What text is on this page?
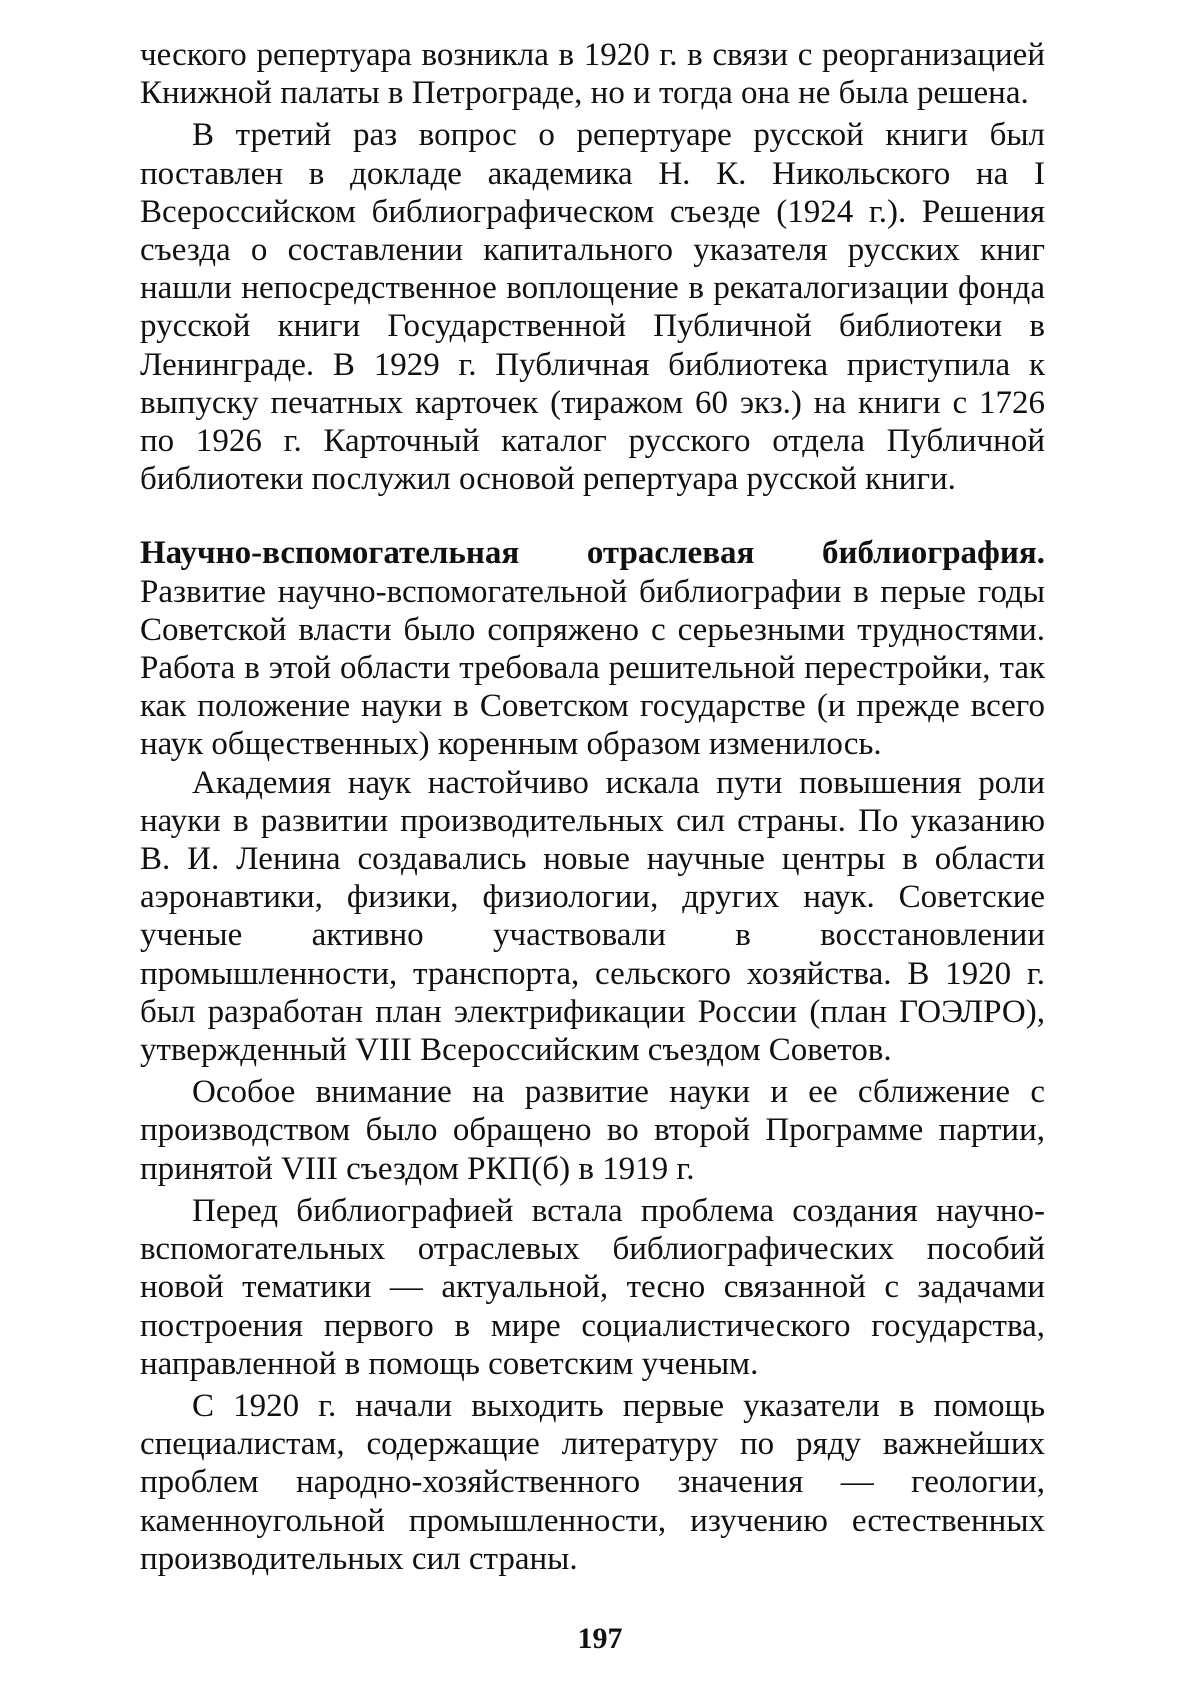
ческого репертуара возникла в 1920 г. в связи с реорганизацией Книжной палаты в Петрограде, но и тогда она не была решена.

В третий раз вопрос о репертуаре русской книги был поставлен в докладе академика Н. К. Никольского на I Всероссийском библиографическом съезде (1924 г.). Решения съезда о составлении капитального указателя русских книг нашли непосредственное воплощение в рекаталогизации фонда русской книги Государственной Публичной библиотеки в Ленинграде. В 1929 г. Публичная библиотека приступила к выпуску печатных карточек (тиражом 60 экз.) на книги с 1726 по 1926 г. Карточный каталог русского отдела Публичной библиотеки послужил основой репертуара русской книги.

Научно-вспомогательная отраслевая библиография. Развитие научно-вспомогательной библиографии в перые годы Советской власти было сопряжено с серьезными трудностями. Работа в этой области требовала решительной перестройки, так как положение науки в Советском государстве (и прежде всего наук общественных) коренным образом изменилось.

Академия наук настойчиво искала пути повышения роли науки в развитии производительных сил страны. По указанию В. И. Ленина создавались новые научные центры в области аэронавтики, физики, физиологии, других наук. Советские ученые активно участвовали в восстановлении промышленности, транспорта, сельского хозяйства. В 1920 г. был разработан план электрификации России (план ГОЭЛРО), утвержденный VIII Всероссийским съездом Советов.

Особое внимание на развитие науки и ее сближение с производством было обращено во второй Программе партии, принятой VIII съездом РКП(б) в 1919 г.

Перед библиографией встала проблема создания научно-вспомогательных отраслевых библиографических пособий новой тематики — актуальной, тесно связанной с задачами построения первого в мире социалистического государства, направленной в помощь советским ученым.

С 1920 г. начали выходить первые указатели в помощь специалистам, содержащие литературу по ряду важнейших проблем народно-хозяйственного значения — геологии, каменноугольной промышленности, изучению естественных производительных сил страны.

197
